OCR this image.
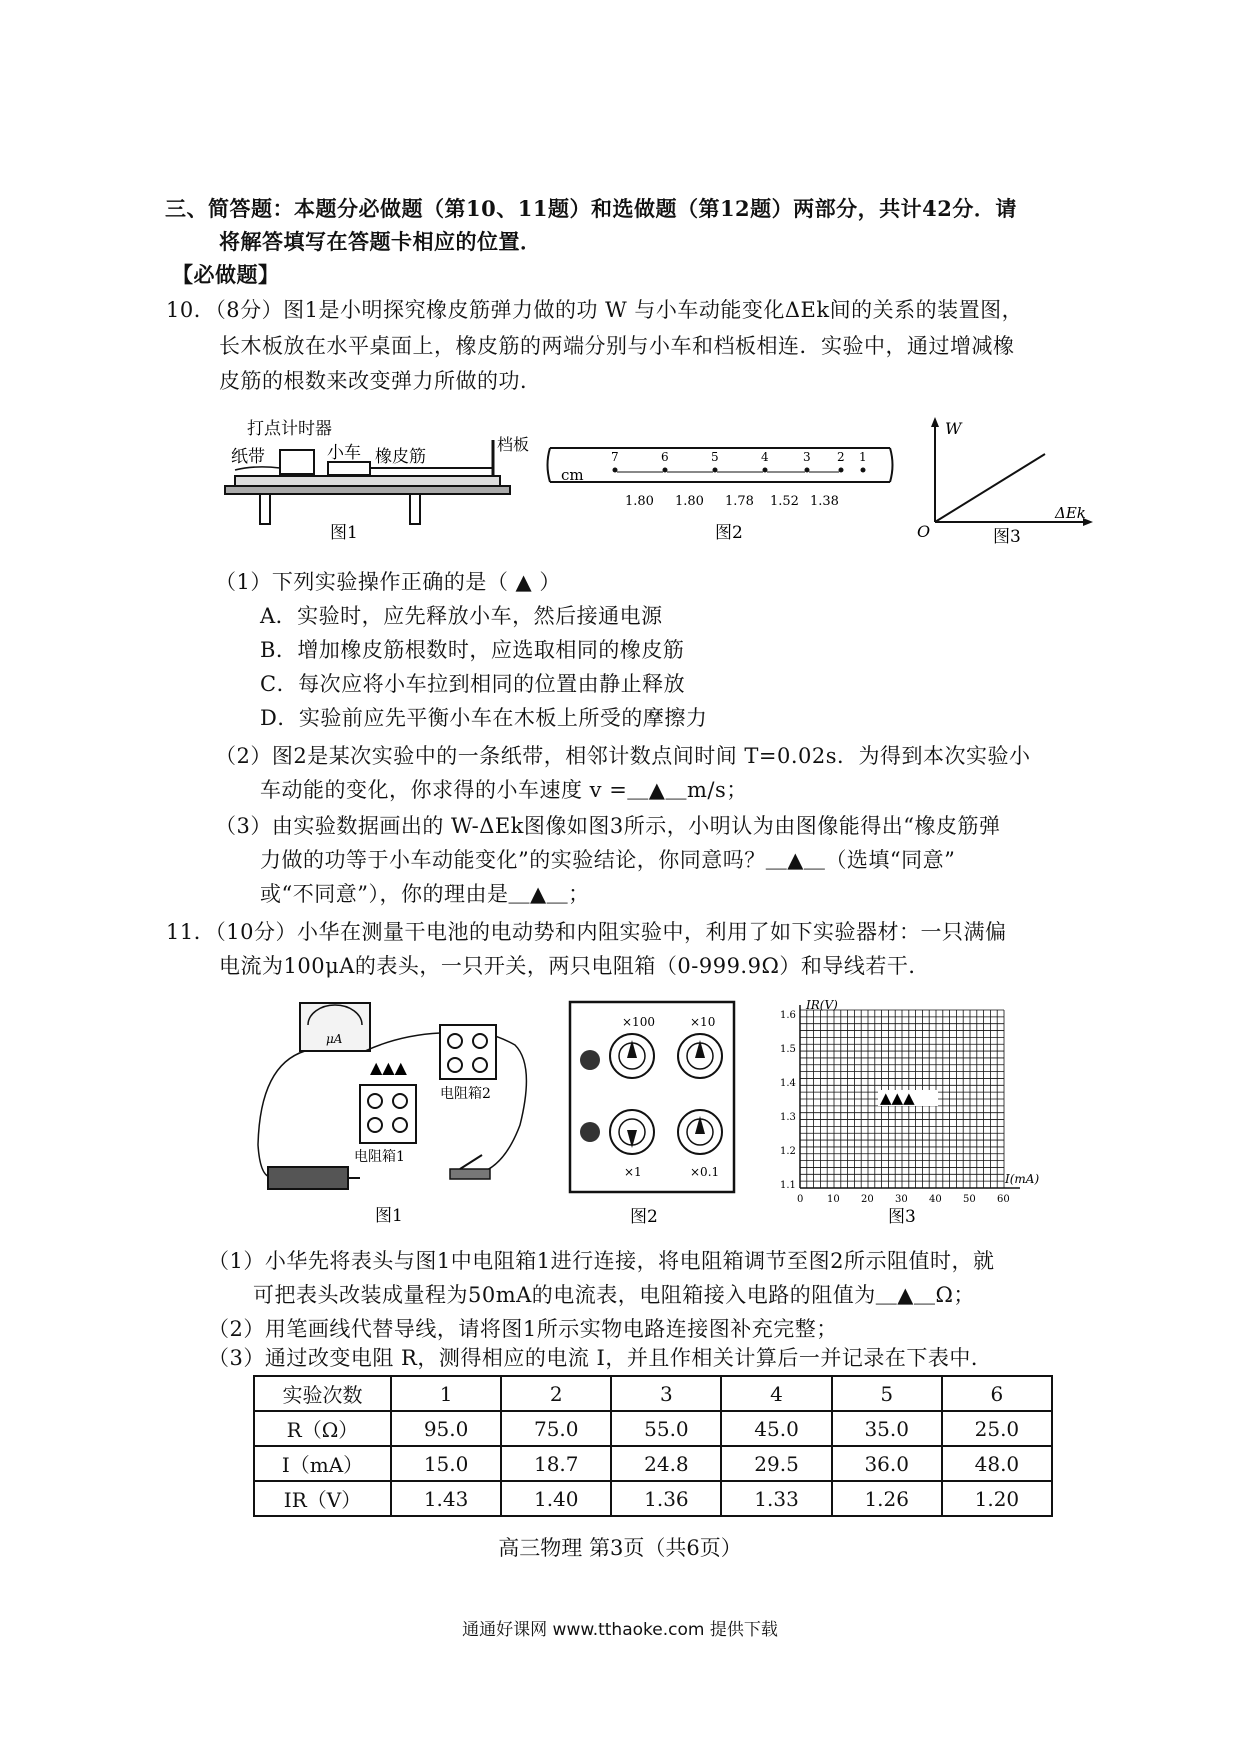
三、简答题：本题分必做题（第10、11题）和选做题（第12题）两部分，共计42分．请
将解答填写在答题卡相应的位置．
【必做题】
10．（8分）图1是小明探究橡皮筋弹力做的功 W 与小车动能变化ΔEk间的关系的装置图，
长木板放在水平桌面上，橡皮筋的两端分别与小车和档板相连．实验中，通过增减橡
皮筋的根数来改变弹力所做的功．
打点计时器
纸带	小车 橡皮筋
档板
图1
cm
7	6	5	4	3 2 1
1.80 1.80 1.78 1.52 1.38
图2
W
ΔEk
O	图3
（1）下列实验操作正确的是（ ▲ ）
A．实验时，应先释放小车，然后接通电源
B．增加橡皮筋根数时，应选取相同的橡皮筋
C．每次应将小车拉到相同的位置由静止释放
D．实验前应先平衡小车在木板上所受的摩擦力
（2）图2是某次实验中的一条纸带，相邻计数点间时间 T=0.02s．为得到本次实验小
车动能的变化，你求得的小车速度 v =＿▲＿m/s；
（3）由实验数据画出的 W-ΔEk图像如图3所示，小明认为由图像能得出“橡皮筋弹
力做的功等于小车动能变化”的实验结论，你同意吗？＿▲＿（选填“同意”
或“不同意”），你的理由是＿▲＿；
11．（10分）小华在测量干电池的电动势和内阻实验中，利用了如下实验器材：一只满偏
电流为100μA的表头，一只开关，两只电阻箱（0-999.9Ω）和导线若干．
μA
▲▲▲
电阻箱2
电阻箱1
图1
×100	×10
×1	×0.1
图2
IR(V)
I(mA)
1.6
1.5
1.4
1.3
1.2
1.1
0 10 20 30 40 50 60
▲▲▲
图3
（1）小华先将表头与图1中电阻箱1进行连接，将电阻箱调节至图2所示阻值时，就
可把表头改装成量程为50mA的电流表，电阻箱接入电路的阻值为＿▲＿Ω；
（2）用笔画线代替导线，请将图1所示实物电路连接图补充完整；
（3）通过改变电阻 R，测得相应的电流 I，并且作相关计算后一并记录在下表中．
实验次数	1	2	3	4	5	6
R（Ω）	95.0	75.0	55.0	45.0	35.0	25.0
I（mA）	15.0	18.7	24.8	29.5	36.0	48.0
IR（V）	1.43	1.40	1.36	1.33	1.26	1.20
高三物理 第3页（共6页）
通通好课网 www.tthaoke.com 提供下载
